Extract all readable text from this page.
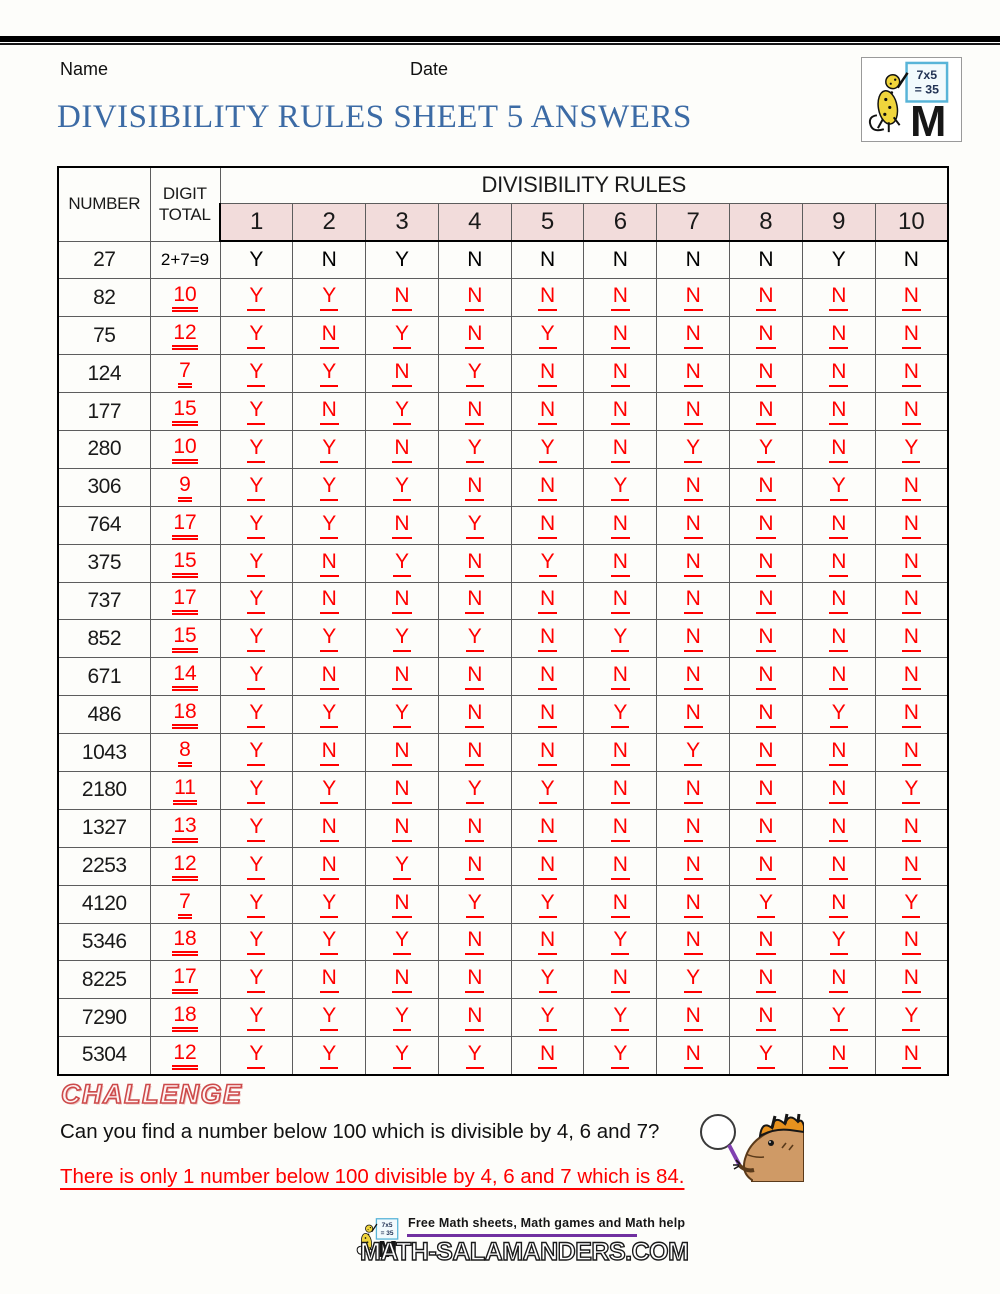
Name	Date
DIVISIBILITY RULES SHEET 5 ANSWERS
NUMBER	DIGIT TOTAL	DIVISIBILITY RULES									
		1	2	3	4	5	6	7	8	9	10
27	2+7=9	Y	N	Y	N	N	N	N	N	Y	N
82	10	Y	Y	N	N	N	N	N	N	N	N
75	12	Y	N	Y	N	Y	N	N	N	N	N
124	7	Y	Y	N	Y	N	N	N	N	N	N
177	15	Y	N	Y	N	N	N	N	N	N	N
280	10	Y	Y	N	Y	Y	N	Y	Y	N	Y
306	9	Y	Y	Y	N	N	Y	N	N	Y	N
764	17	Y	Y	N	Y	N	N	N	N	N	N
375	15	Y	N	Y	N	Y	N	N	N	N	N
737	17	Y	N	N	N	N	N	N	N	N	N
852	15	Y	Y	Y	Y	N	Y	N	N	N	N
671	14	Y	N	N	N	N	N	N	N	N	N
486	18	Y	Y	Y	N	N	Y	N	N	Y	N
1043	8	Y	N	N	N	N	N	Y	N	N	N
2180	11	Y	Y	N	Y	Y	N	N	N	N	Y
1327	13	Y	N	N	N	N	N	N	N	N	N
2253	12	Y	N	Y	N	N	N	N	N	N	N
4120	7	Y	Y	N	Y	Y	N	N	Y	N	Y
5346	18	Y	Y	Y	N	N	Y	N	N	Y	N
8225	17	Y	N	N	N	Y	N	Y	N	N	N
7290	18	Y	Y	Y	N	Y	Y	N	N	Y	Y
5304	12	Y	Y	Y	Y	N	Y	N	Y	N	N
CHALLENGE
Can you find a number below 100 which is divisible by 4, 6 and 7?
There is only 1 number below 100 divisible by 4, 6 and 7 which is 84.
Free Math sheets, Math games and Math help
MATH-SALAMANDERS.COM
